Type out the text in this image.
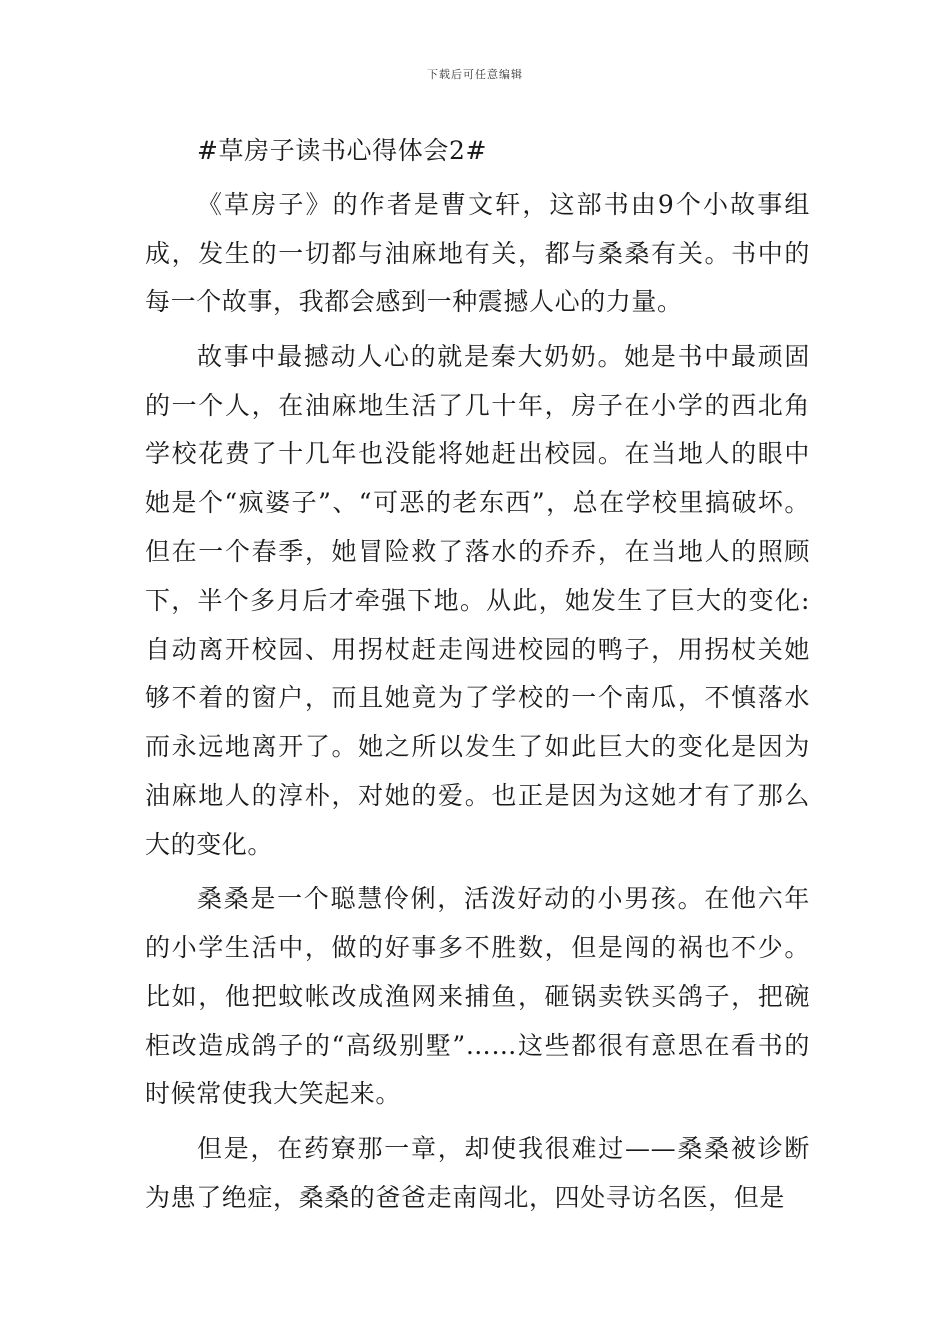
下载后可任意编辑

#草房子读书心得体会2#

《草房子》的作者是曹文轩，这部书由9个小故事组成，发生的一切都与油麻地有关，都与桑桑有关。书中的每一个故事，我都会感到一种震撼人心的力量。

故事中最撼动人心的就是秦大奶奶。她是书中最顽固的一个人，在油麻地生活了几十年，房子在小学的西北角学校花费了十几年也没能将她赶出校园。在当地人的眼中她是个“疯婆子”、“可恶的老东西”，总在学校里搞破坏。但在一个春季，她冒险救了落水的乔乔，在当地人的照顾下，半个多月后才牵强下地。从此，她发生了巨大的变化:自动离开校园、用拐杖赶走闯进校园的鸭子，用拐杖关她够不着的窗户，而且她竟为了学校的一个南瓜，不慎落水而永远地离开了。她之所以发生了如此巨大的变化是因为油麻地人的淳朴，对她的爱。也正是因为这她才有了那么大的变化。

桑桑是一个聪慧伶俐，活泼好动的小男孩。在他六年的小学生活中，做的好事多不胜数，但是闯的祸也不少。比如，他把蚊帐改成渔网来捕鱼，砸锅卖铁买鸽子，把碗柜改造成鸽子的“高级别墅”……这些都很有意思在看书的时候常使我大笑起来。

但是，在药寮那一章，却使我很难过——桑桑被诊断为患了绝症，桑桑的爸爸走南闯北，四处寻访名医，但是
